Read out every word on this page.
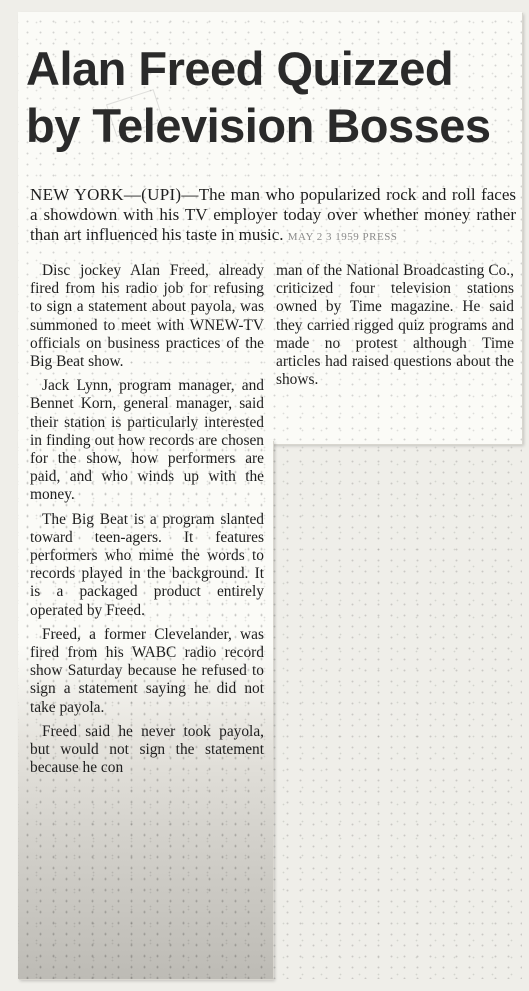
Alan Freed Quizzed
by Television Bosses

NEW YORK—(UPI)—The man who popularized rock and roll faces a showdown with his TV employer today over whether money rather than art influenced his taste in music. MAY 2 3 1959 PRESS

Disc jockey Alan Freed, already fired from his radio job for refusing to sign a statement about payola, was summoned to meet with WNEW-TV officials on business practices of the Big Beat show.

Jack Lynn, program manager, and Bennet Korn, general manager, said their station is particularly interested in finding out how records are chosen for the show, how performers are paid, and who winds up with the money.

The Big Beat is a program slanted toward teen-agers. It features performers who mime the words to records played in the background. It is a packaged product entirely operated by Freed.

Freed, a former Clevelander, was fired from his WABC radio record show Saturday because he refused to sign a statement saying he did not take payola.

Freed said he never took payola, but would not sign the statement because he con

man of the National Broadcasting Co., criticized four television stations owned by Time magazine. He said they carried rigged quiz programs and made no protest although Time articles had raised questions about the shows.
